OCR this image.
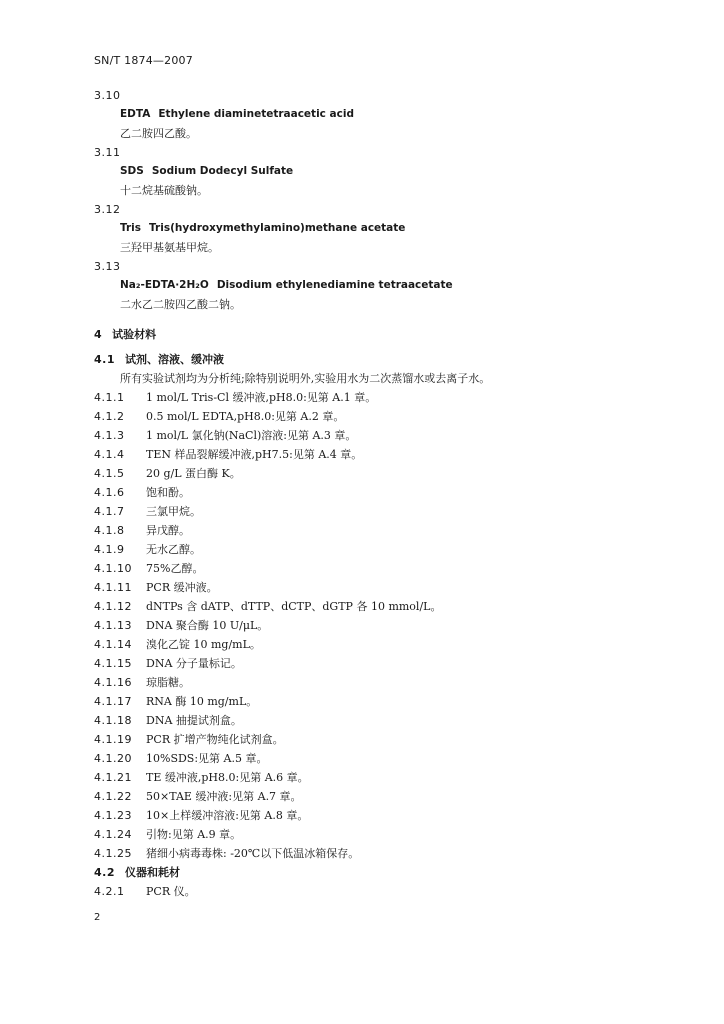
SN/T 1874—2007
3.10
EDTA Ethylene diaminetetraacetic acid
乙二胺四乙酸。
3.11
SDS Sodium Dodecyl Sulfate
十二烷基硫酸钠。
3.12
Tris Tris(hydroxymethylamino)methane acetate
三羟甲基氨基甲烷。
3.13
Na₂-EDTA·2H₂O Disodium ethylenediamine tetraacetate
二水乙二胺四乙酸二钠。
4 试验材料
4.1 试剂、溶液、缓冲液
所有实验试剂均为分析纯;除特别说明外,实验用水为二次蒸馏水或去离子水。
4.1.1 1 mol/L Tris-Cl 缓冲液,pH8.0:见第 A.1 章。
4.1.2 0.5 mol/L EDTA,pH8.0:见第 A.2 章。
4.1.3 1 mol/L 氯化钠(NaCl)溶液:见第 A.3 章。
4.1.4 TEN 样品裂解缓冲液,pH7.5:见第 A.4 章。
4.1.5 20 g/L 蛋白酶 K。
4.1.6 饱和酚。
4.1.7 三氯甲烷。
4.1.8 异戊醇。
4.1.9 无水乙醇。
4.1.10 75%乙醇。
4.1.11 PCR 缓冲液。
4.1.12 dNTPs 含 dATP、dTTP、dCTP、dGTP 各 10 mmol/L。
4.1.13 DNA 聚合酶 10 U/μL。
4.1.14 溴化乙锭 10 mg/mL。
4.1.15 DNA 分子量标记。
4.1.16 琼脂糖。
4.1.17 RNA 酶 10 mg/mL。
4.1.18 DNA 抽提试剂盒。
4.1.19 PCR 扩增产物纯化试剂盒。
4.1.20 10%SDS:见第 A.5 章。
4.1.21 TE 缓冲液,pH8.0:见第 A.6 章。
4.1.22 50×TAE 缓冲液:见第 A.7 章。
4.1.23 10×上样缓冲溶液:见第 A.8 章。
4.1.24 引物:见第 A.9 章。
4.1.25 猪细小病毒毒株: -20℃以下低温冰箱保存。
4.2 仪器和耗材
4.2.1 PCR 仪。
2
